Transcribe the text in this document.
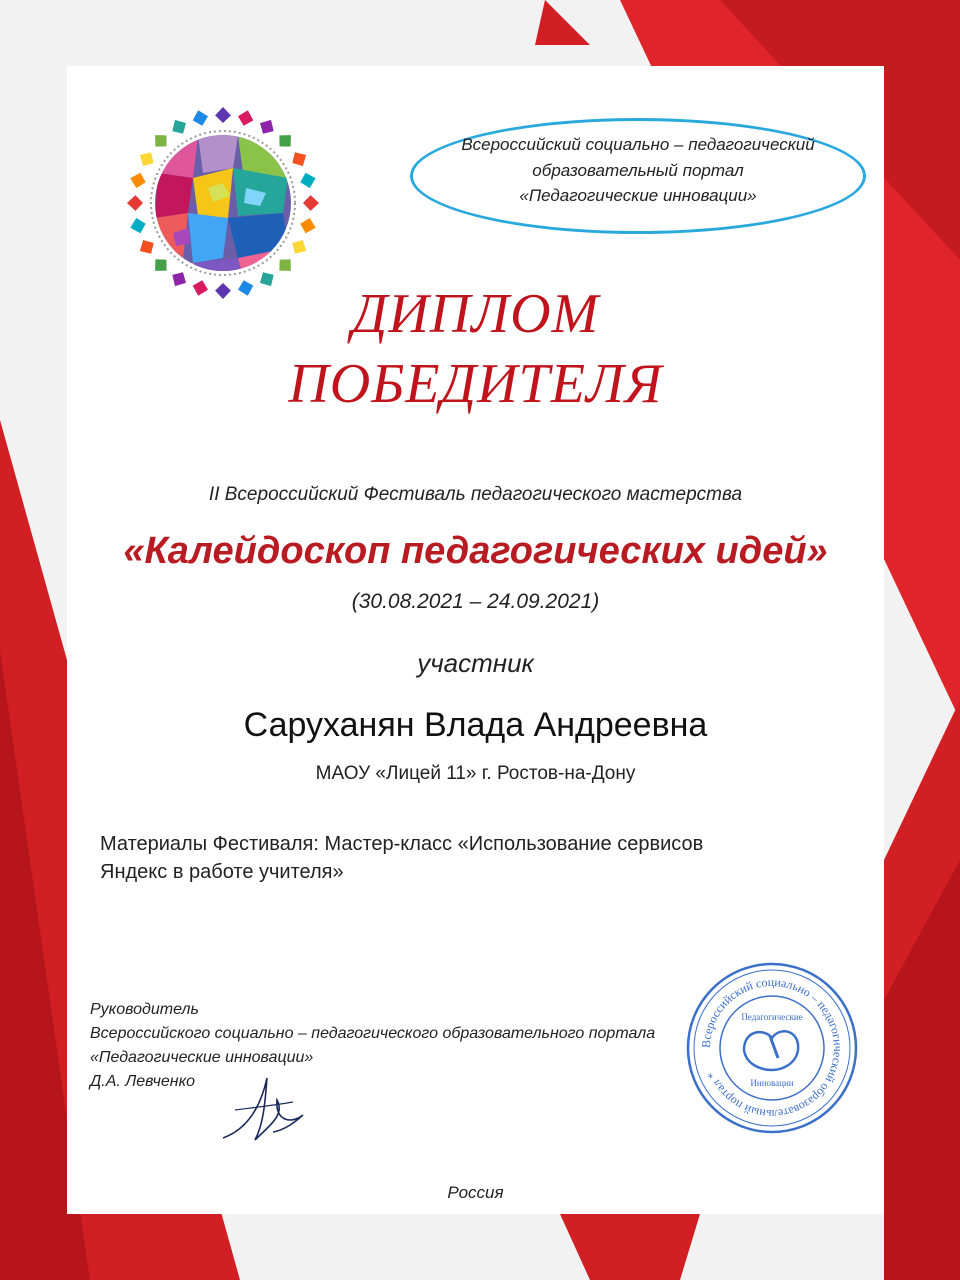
Всероссийский социально – педагогический
образовательный портал
«Педагогические инновации»
ДИПЛОМ
ПОБЕДИТЕЛЯ
II Всероссийский Фестиваль педагогического мастерства
«Калейдоскоп педагогических идей»
(30.08.2021 – 24.09.2021)
участник
Саруханян Влада Андреевна
МАОУ «Лицей 11» г. Ростов-на-Дону
Материалы Фестиваля: Мастер-класс «Использование сервисов
Яндекс в работе учителя»
Руководитель
Всероссийского социально – педагогического образовательного портала
«Педагогические инновации»
Д.А. Левченко
Всероссийский социально – педагогический образовательный портал *
Педагогические
Инновации
Россия
